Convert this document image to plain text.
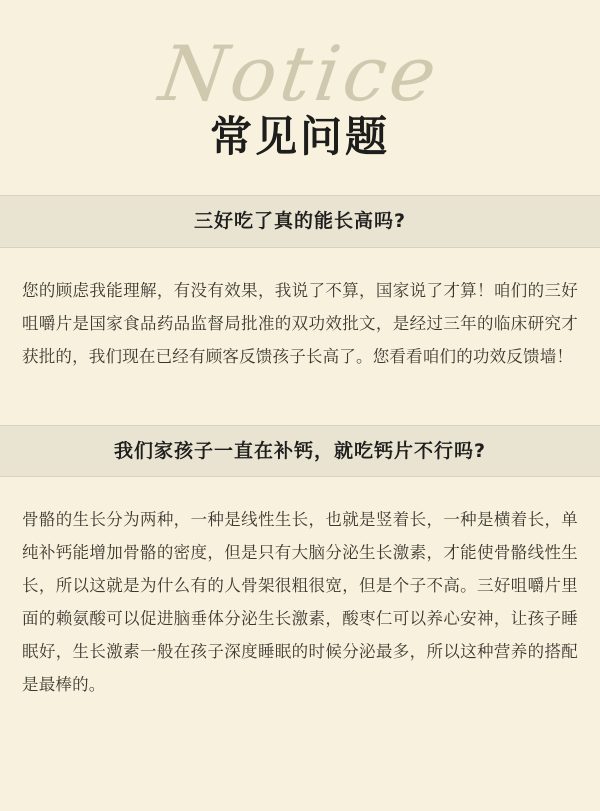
Notice
常见问题
三好吃了真的能长高吗?
您的顾虑我能理解，有没有效果，我说了不算，国家说了才算！咱们的三好咀嚼片是国家食品药品监督局批准的双功效批文，是经过三年的临床研究才获批的，我们现在已经有顾客反馈孩子长高了。您看看咱们的功效反馈墙！
我们家孩子一直在补钙，就吃钙片不行吗?
骨骼的生长分为两种，一种是线性生长，也就是竖着长，一种是横着长，单纯补钙能增加骨骼的密度，但是只有大脑分泌生长激素，才能使骨骼线性生长，所以这就是为什么有的人骨架很粗很宽，但是个子不高。三好咀嚼片里面的赖氨酸可以促进脑垂体分泌生长激素，酸枣仁可以养心安神，让孩子睡眠好，生长激素一般在孩子深度睡眠的时候分泌最多，所以这种营养的搭配是最棒的。
